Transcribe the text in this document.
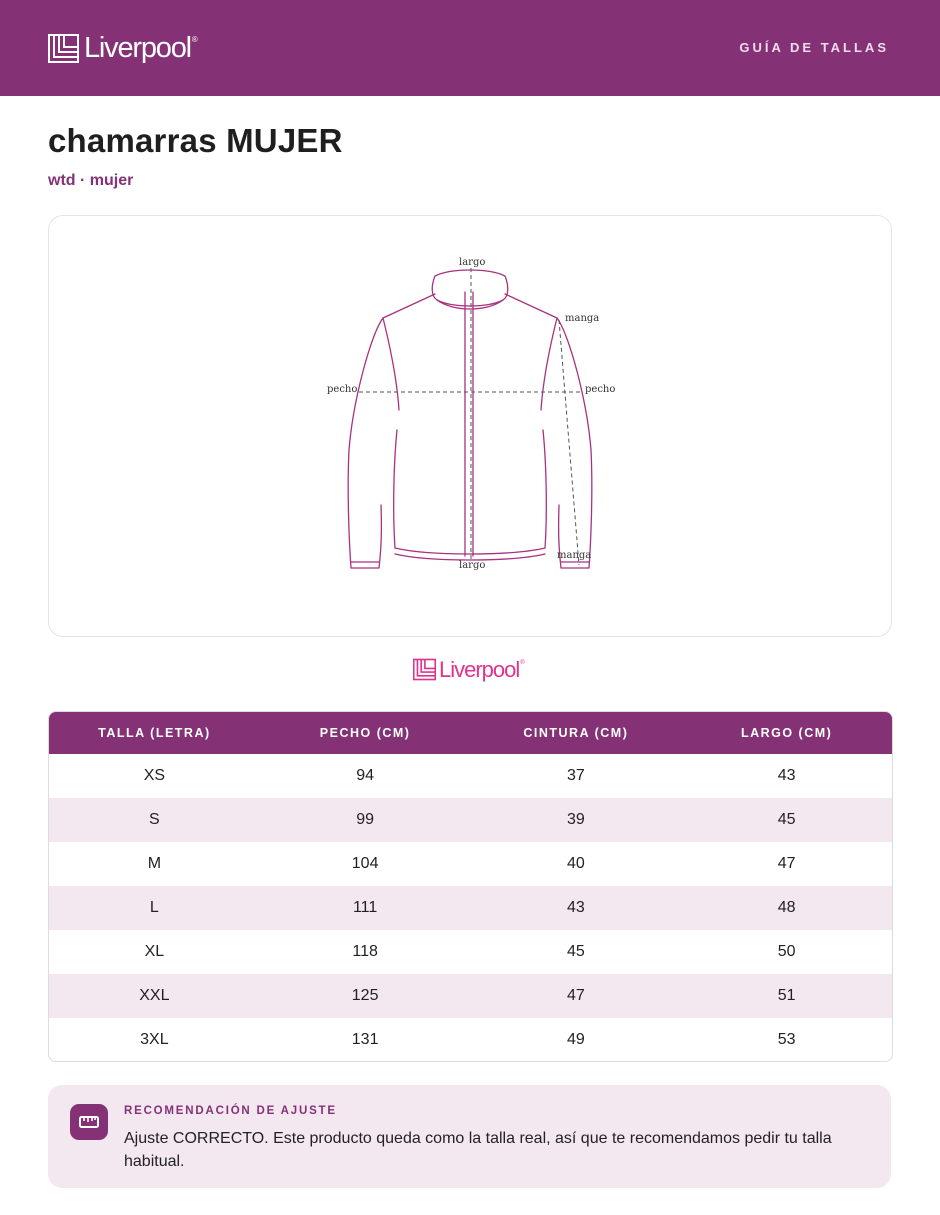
Liverpool ®
GUÍA DE TALLAS
chamarras MUJER
wtd · mujer
largo
largo
manga
manga
pecho	pecho
Liverpool ®
TALLA (LETRA)	PECHO (CM)	CINTURA (CM)	LARGO (CM)
XS	94	37	43
S	99	39	45
M	104	40	47
L	111	43	48
XL	118	45	50
XXL	125	47	51
3XL	131	49	53
RECOMENDACIÓN DE AJUSTE
Ajuste CORRECTO. Este producto queda como la talla real, así que te recomendamos pedir tu talla habitual.
